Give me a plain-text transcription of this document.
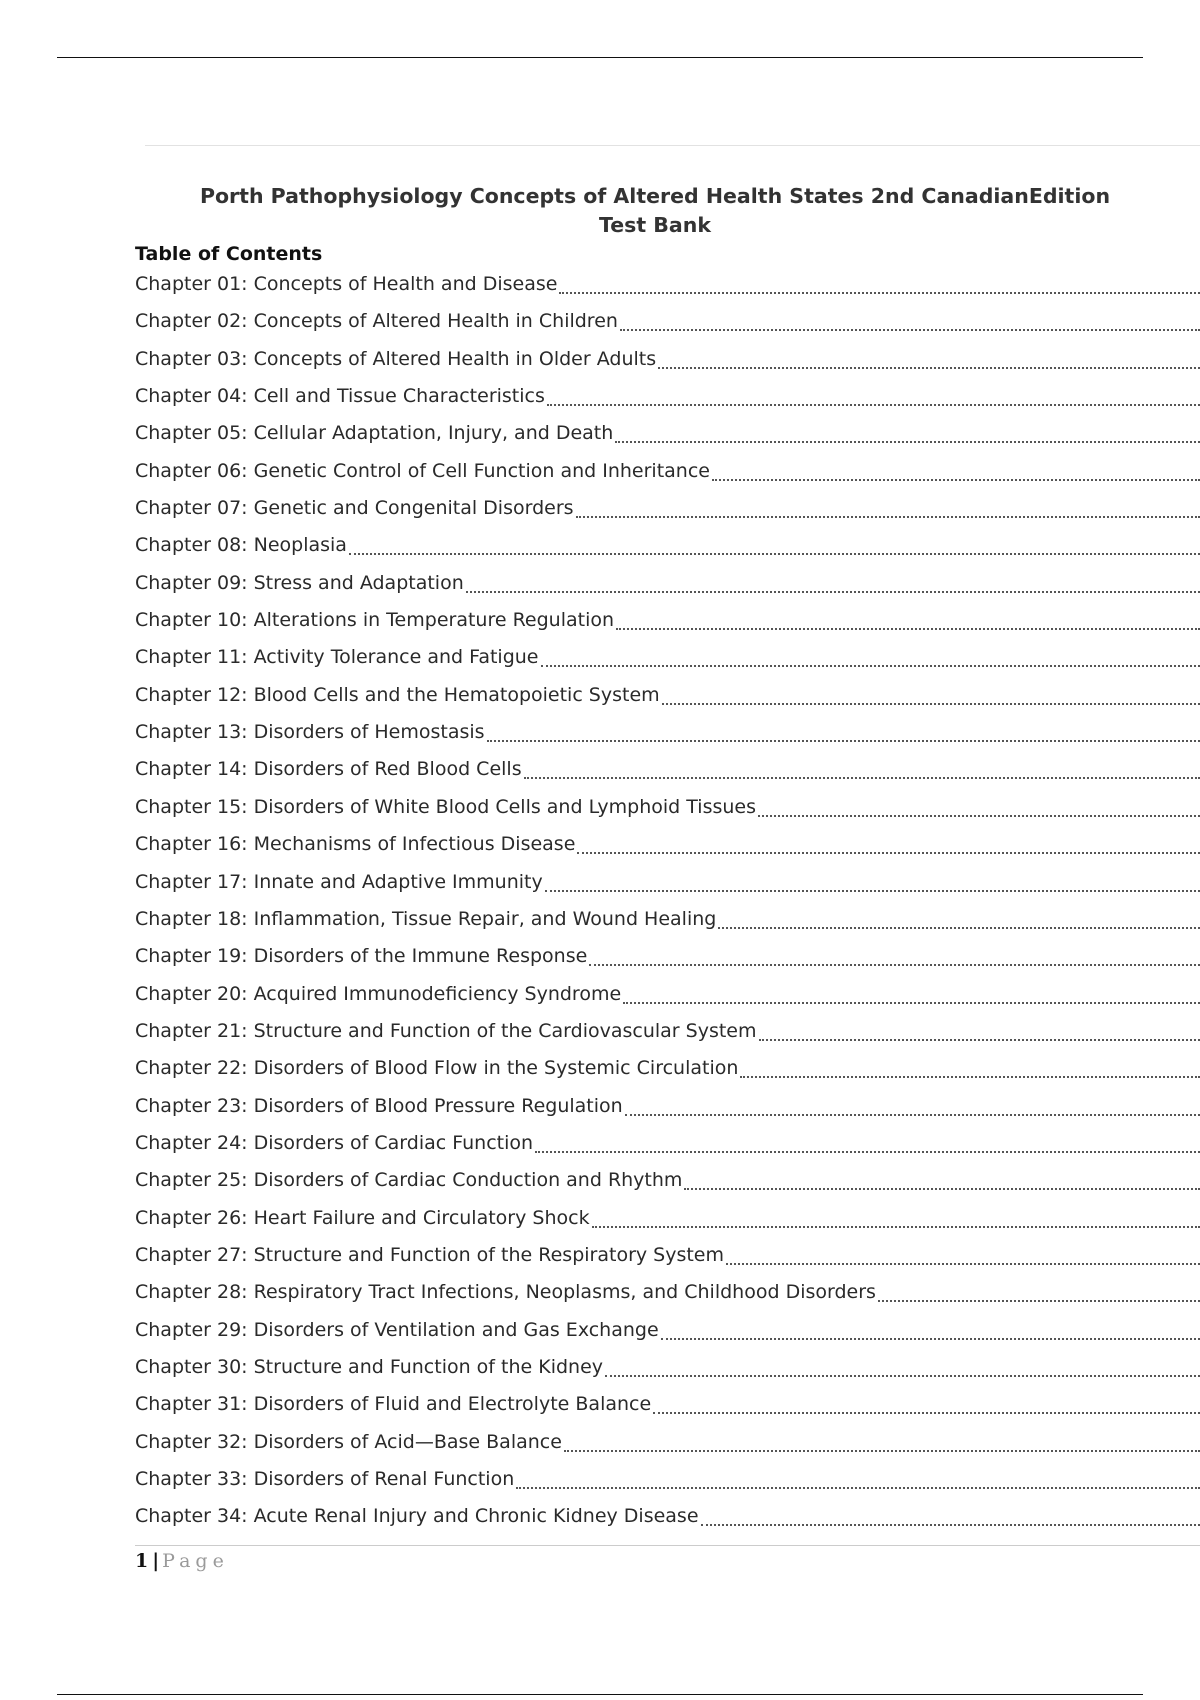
Porth Pathophysiology Concepts of Altered Health States 2nd CanadianEdition Test Bank
Table of Contents
Chapter 01: Concepts of Health and Disease
Chapter 02: Concepts of Altered Health in Children
Chapter 03: Concepts of Altered Health in Older Adults
Chapter 04: Cell and Tissue Characteristics
Chapter 05: Cellular Adaptation, Injury, and Death
Chapter 06: Genetic Control of Cell Function and Inheritance
Chapter 07: Genetic and Congenital Disorders
Chapter 08: Neoplasia
Chapter 09: Stress and Adaptation
Chapter 10: Alterations in Temperature Regulation
Chapter 11: Activity Tolerance and Fatigue
Chapter 12: Blood Cells and the Hematopoietic System
Chapter 13: Disorders of Hemostasis
Chapter 14: Disorders of Red Blood Cells
Chapter 15: Disorders of White Blood Cells and Lymphoid Tissues
Chapter 16: Mechanisms of Infectious Disease
Chapter 17: Innate and Adaptive Immunity
Chapter 18: Inflammation, Tissue Repair, and Wound Healing
Chapter 19: Disorders of the Immune Response
Chapter 20: Acquired Immunodeficiency Syndrome
Chapter 21: Structure and Function of the Cardiovascular System
Chapter 22: Disorders of Blood Flow in the Systemic Circulation
Chapter 23: Disorders of Blood Pressure Regulation
Chapter 24: Disorders of Cardiac Function
Chapter 25: Disorders of Cardiac Conduction and Rhythm
Chapter 26: Heart Failure and Circulatory Shock
Chapter 27: Structure and Function of the Respiratory System
Chapter 28: Respiratory Tract Infections, Neoplasms, and Childhood Disorders
Chapter 29: Disorders of Ventilation and Gas Exchange
Chapter 30: Structure and Function of the Kidney
Chapter 31: Disorders of Fluid and Electrolyte Balance
Chapter 32: Disorders of Acid—Base Balance
Chapter 33: Disorders of Renal Function
Chapter 34: Acute Renal Injury and Chronic Kidney Disease
1 | Page
